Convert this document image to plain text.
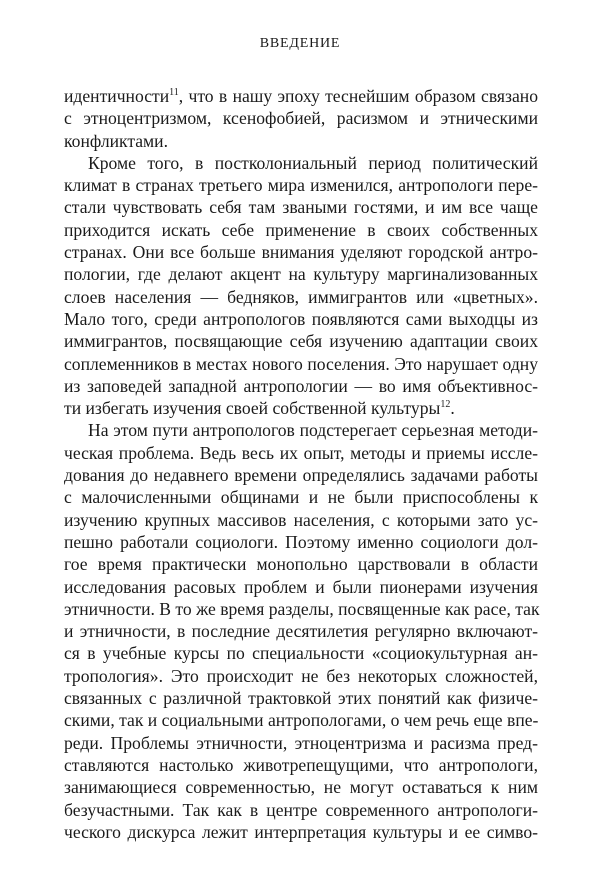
ВВЕДЕНИЕ
идентичности$^{11}$, что в нашу эпоху теснейшим образом связано
с этноцентризмом, ксенофобией, расизмом и этническими
конфликтами.
Кроме того, в постколониальный период политический
климат в странах третьего мира изменился, антропологи пере-
стали чувствовать себя там зваными гостями, и им все чаще
приходится искать себе применение в своих собственных
странах. Они все больше внимания уделяют городской антро-
пологии, где делают акцент на культуру маргинализованных
слоев населения — бедняков, иммигрантов или «цветных».
Мало того, среди антропологов появляются сами выходцы из
иммигрантов, посвящающие себя изучению адаптации своих
соплеменников в местах нового поселения. Это нарушает одну
из заповедей западной антропологии — во имя объективнос-
ти избегать изучения своей собственной культуры$^{12}$.
На этом пути антропологов подстерегает серьезная методи-
ческая проблема. Ведь весь их опыт, методы и приемы иссле-
дования до недавнего времени определялись задачами работы
с малочисленными общинами и не были приспособлены к
изучению крупных массивов населения, с которыми зато ус-
пешно работали социологи. Поэтому именно социологи дол-
гое время практически монопольно царствовали в области
исследования расовых проблем и были пионерами изучения
этничности. В то же время разделы, посвященные как расе, так
и этничности, в последние десятилетия регулярно включают-
ся в учебные курсы по специальности «социокультурная ан-
тропология». Это происходит не без некоторых сложностей,
связанных с различной трактовкой этих понятий как физиче-
скими, так и социальными антропологами, о чем речь еще впе-
реди. Проблемы этничности, этноцентризма и расизма пред-
ставляются настолько животрепещущими, что антропологи,
занимающиеся современностью, не могут оставаться к ним
безучастными. Так как в центре современного антропологи-
ческого дискурса лежит интерпретация культуры и ее симво-
